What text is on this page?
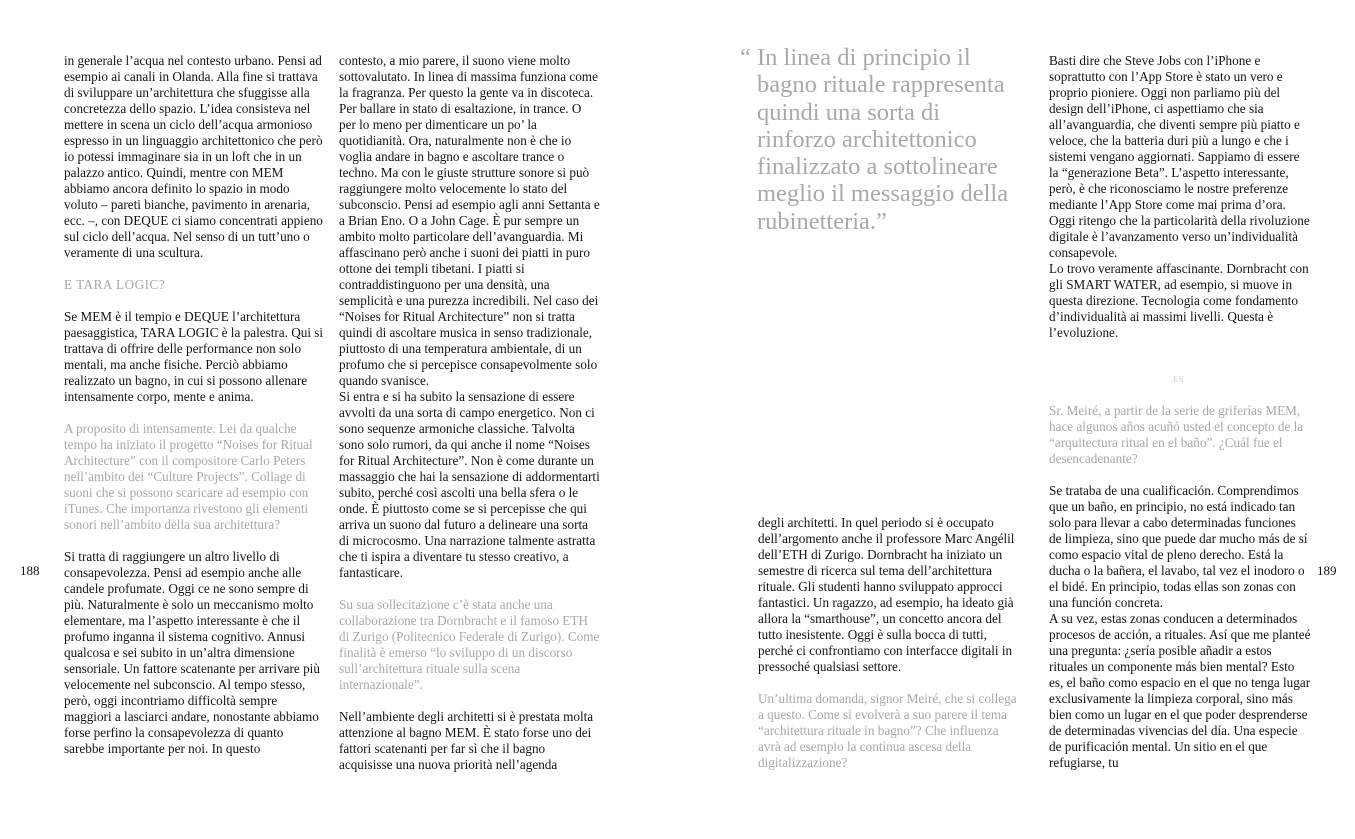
188	189

in generale l’acqua nel contesto urbano. Pensi ad esempio ai canali in Olanda. Alla fine si trattava di sviluppare un’architettura che sfuggisse alla concretezza dello spazio. L’idea consisteva nel mettere in scena un ciclo dell’acqua armonioso espresso in un linguaggio architettonico che però io potessi immaginare sia in un loft che in un palazzo antico. Quindi, mentre con MEM abbiamo ancora definito lo spazio in modo voluto – pareti bianche, pavimento in arenaria, ecc. –, con DEQUE ci siamo concentrati appieno sul ciclo dell’acqua. Nel senso di un tutt’uno o veramente di una scultura.

E TARA LOGIC?

Se MEM è il tempio e DEQUE l’architettura paesaggistica, TARA LOGIC è la palestra. Qui si trattava di offrire delle performance non solo mentali, ma anche fisiche. Perciò abbiamo realizzato un bagno, in cui si possono allenare intensamente corpo, mente e anima.

A proposito di intensamente. Lei da qualche tempo ha iniziato il progetto “Noises for Ritual Architecture” con il compositore Carlo Peters nell’ambito dei “Culture Projects”. Collage di suoni che si possono scaricare ad esempio con iTunes. Che importanza rivestono gli elementi sonori nell’ambito della sua architettura?

Si tratta di raggiungere un altro livello di consapevolezza. Pensi ad esempio anche alle candele profumate. Oggi ce ne sono sempre di più. Naturalmente è solo un meccanismo molto elementare, ma l’aspetto interessante è che il profumo inganna il sistema cognitivo. Annusi qualcosa e sei subito in un’altra dimensione sensoriale. Un fattore scatenante per arrivare più velocemente nel subconscio. Al tempo stesso, però, oggi incontriamo difficoltà sempre maggiori a lasciarci andare, nonostante abbiamo forse perfino la consapevolezza di quanto sarebbe importante per noi. In questo

contesto, a mio parere, il suono viene molto sottovalutato. In linea di massima funziona come la fragranza. Per questo la gente va in discoteca. Per ballare in stato di esaltazione, in trance. O per lo meno per dimenticare un po’ la quotidianità. Ora, naturalmente non è che io voglia andare in bagno e ascoltare trance o techno. Ma con le giuste strutture sonore si può raggiungere molto velocemente lo stato del subconscio. Pensi ad esempio agli anni Settanta e a Brian Eno. O a John Cage. È pur sempre un ambito molto particolare dell’avanguardia. Mi affascinano però anche i suoni dei piatti in puro ottone dei templi tibetani. I piatti si contraddistinguono per una densità, una semplicità e una purezza incredibili. Nel caso dei “Noises for Ritual Architecture” non si tratta quindi di ascoltare musica in senso tradizionale, piuttosto di una temperatura ambientale, di un profumo che si percepisce consapevolmente solo quando svanisce.

Si entra e si ha subito la sensazione di essere avvolti da una sorta di campo energetico. Non ci sono sequenze armoniche classiche. Talvolta sono solo rumori, da qui anche il nome “Noises for Ritual Architecture”. Non è come durante un massaggio che hai la sensazione di addormentarti subito, perché così ascolti una bella sfera o le onde. È piuttosto come se si percepisse che qui arriva un suono dal futuro a delineare una sorta di microcosmo. Una narrazione talmente astratta che ti ispira a diventare tu stesso creativo, a fantasticare.

Su sua sollecitazione c’è stata anche una collaborazione tra Dornbracht e il famoso ETH di Zurigo (Politecnico Federale di Zurigo). Come finalità è emerso “lo sviluppo di un discorso sull’architettura rituale sulla scena internazionale”.

Nell’ambiente degli architetti si è prestata molta attenzione al bagno MEM. È stato forse uno dei fattori scatenanti per far sì che il bagno acquisisse una nuova priorità nell’agenda

“ In linea di principio il bagno rituale rappresenta quindi una sorta di rinforzo architettonico finalizzato a sottolineare meglio il messaggio della rubinetteria.”

degli architetti. In quel periodo si è occupato dell’argomento anche il professore Marc Angélil dell’ETH di Zurigo. Dornbracht ha iniziato un semestre di ricerca sul tema dell’architettura rituale. Gli studenti hanno sviluppato approcci fantastici. Un ragazzo, ad esempio, ha ideato già allora la “smarthouse”, un concetto ancora del tutto inesistente. Oggi è sulla bocca di tutti, perché ci confrontiamo con interfacce digitali in pressoché qualsiasi settore.

Un’ultima domanda, signor Meiré, che si collega a questo. Come si evolverà a suo parere il tema “architettura rituale in bagno”? Che influenza avrà ad esempio la continua ascesa della digitalizzazione?

Basti dire che Steve Jobs con l’iPhone e soprattutto con l’App Store è stato un vero e proprio pioniere. Oggi non parliamo più del design dell’iPhone, ci aspettiamo che sia all’avanguardia, che diventi sempre più piatto e veloce, che la batteria duri più a lungo e che i sistemi vengano aggiornati. Sappiamo di essere la “generazione Beta”. L’aspetto interessante, però, è che riconosciamo le nostre preferenze mediante l’App Store come mai prima d’ora. Oggi ritengo che la particolarità della rivoluzione digitale è l’avanzamento verso un’individualità consapevole.

Lo trovo veramente affascinante. Dornbracht con gli SMART WATER, ad esempio, si muove in questa direzione. Tecnologia come fondamento d’individualità ai massimi livelli. Questa è l’evoluzione.

ES

Sr. Meiré, a partir de la serie de griferías MEM, hace algunos años acuñó usted el concepto de la “arquitectura ritual en el baño”. ¿Cuál fue el desencadenante?

Se trataba de una cualificación. Comprendimos que un baño, en principio, no está indicado tan solo para llevar a cabo determinadas funciones de limpieza, sino que puede dar mucho más de sí como espacio vital de pleno derecho. Está la ducha o la bañera, el lavabo, tal vez el inodoro o el bidé. En principio, todas ellas son zonas con una función concreta.

A su vez, estas zonas conducen a determinados procesos de acción, a rituales. Así que me planteé una pregunta: ¿sería posible añadir a estos rituales un componente más bien mental? Esto es, el baño como espacio en el que no tenga lugar exclusivamente la limpieza corporal, sino más bien como un lugar en el que poder desprenderse de determinadas vivencias del día. Una especie de purificación mental. Un sitio en el que refugiarse, tu
